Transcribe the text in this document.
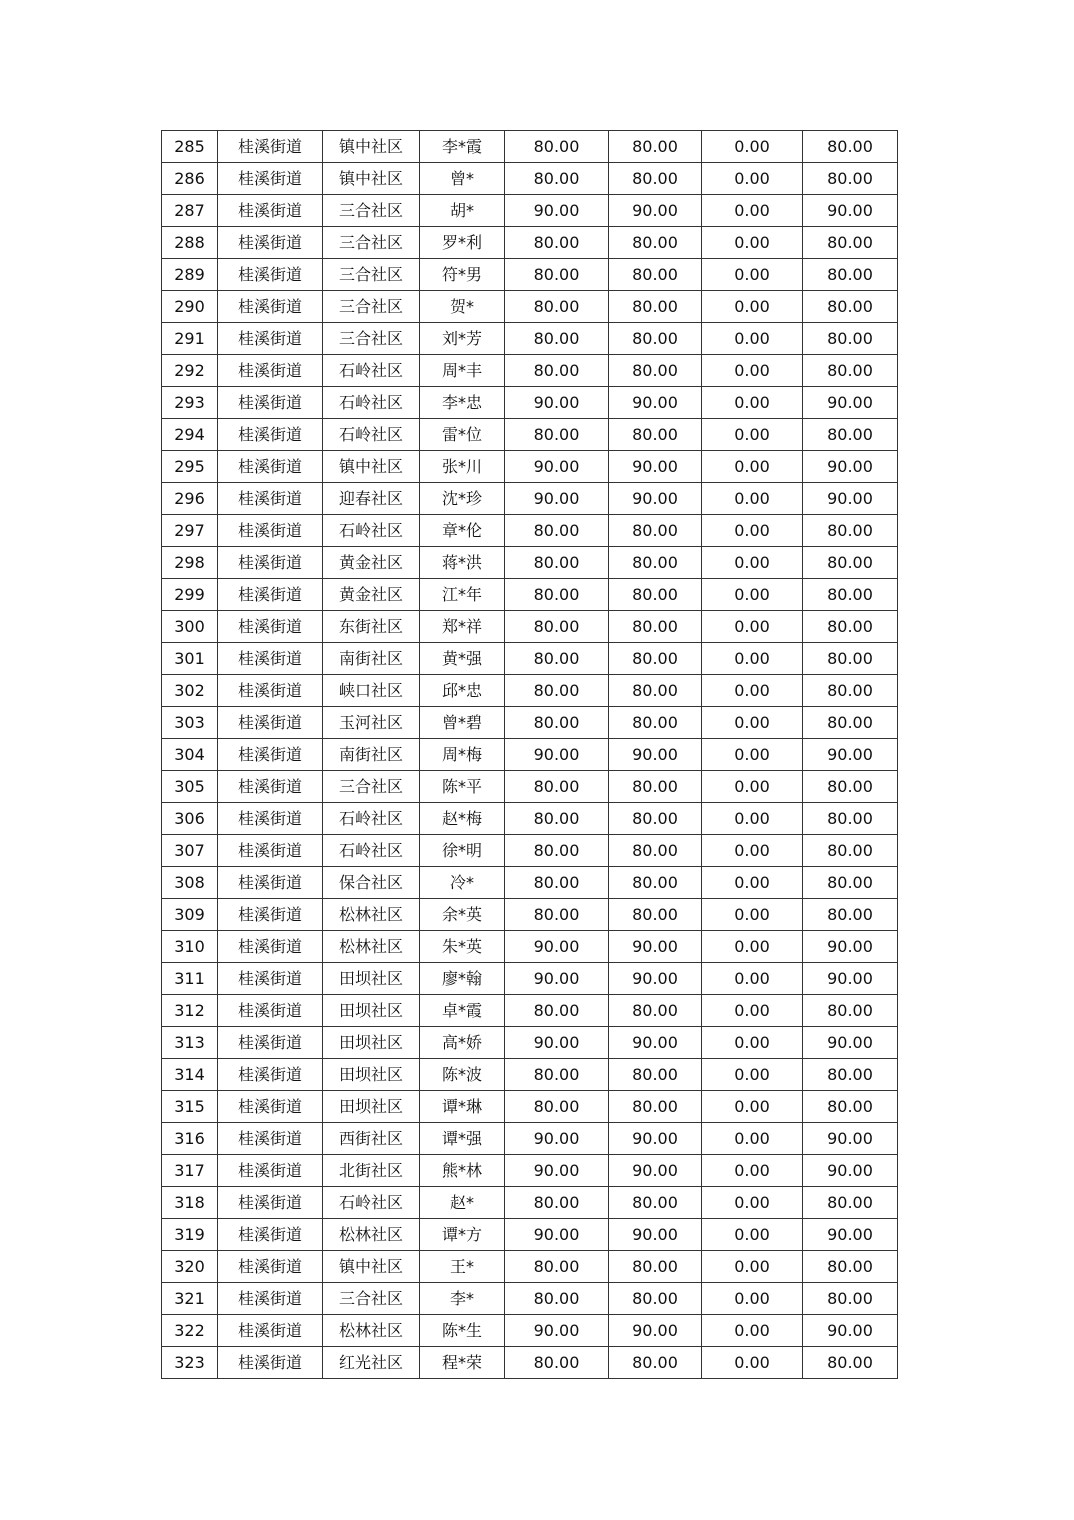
285	桂溪街道	镇中社区	李*霞	80.00	80.00	0.00	80.00
286	桂溪街道	镇中社区	曾*	80.00	80.00	0.00	80.00
287	桂溪街道	三合社区	胡*	90.00	90.00	0.00	90.00
288	桂溪街道	三合社区	罗*利	80.00	80.00	0.00	80.00
289	桂溪街道	三合社区	符*男	80.00	80.00	0.00	80.00
290	桂溪街道	三合社区	贺*	80.00	80.00	0.00	80.00
291	桂溪街道	三合社区	刘*芳	80.00	80.00	0.00	80.00
292	桂溪街道	石岭社区	周*丰	80.00	80.00	0.00	80.00
293	桂溪街道	石岭社区	李*忠	90.00	90.00	0.00	90.00
294	桂溪街道	石岭社区	雷*位	80.00	80.00	0.00	80.00
295	桂溪街道	镇中社区	张*川	90.00	90.00	0.00	90.00
296	桂溪街道	迎春社区	沈*珍	90.00	90.00	0.00	90.00
297	桂溪街道	石岭社区	章*伦	80.00	80.00	0.00	80.00
298	桂溪街道	黄金社区	蒋*洪	80.00	80.00	0.00	80.00
299	桂溪街道	黄金社区	江*年	80.00	80.00	0.00	80.00
300	桂溪街道	东街社区	郑*祥	80.00	80.00	0.00	80.00
301	桂溪街道	南街社区	黄*强	80.00	80.00	0.00	80.00
302	桂溪街道	峡口社区	邱*忠	80.00	80.00	0.00	80.00
303	桂溪街道	玉河社区	曾*碧	80.00	80.00	0.00	80.00
304	桂溪街道	南街社区	周*梅	90.00	90.00	0.00	90.00
305	桂溪街道	三合社区	陈*平	80.00	80.00	0.00	80.00
306	桂溪街道	石岭社区	赵*梅	80.00	80.00	0.00	80.00
307	桂溪街道	石岭社区	徐*明	80.00	80.00	0.00	80.00
308	桂溪街道	保合社区	冷*	80.00	80.00	0.00	80.00
309	桂溪街道	松林社区	余*英	80.00	80.00	0.00	80.00
310	桂溪街道	松林社区	朱*英	90.00	90.00	0.00	90.00
311	桂溪街道	田坝社区	廖*翰	90.00	90.00	0.00	90.00
312	桂溪街道	田坝社区	卓*霞	80.00	80.00	0.00	80.00
313	桂溪街道	田坝社区	高*娇	90.00	90.00	0.00	90.00
314	桂溪街道	田坝社区	陈*波	80.00	80.00	0.00	80.00
315	桂溪街道	田坝社区	谭*琳	80.00	80.00	0.00	80.00
316	桂溪街道	西街社区	谭*强	90.00	90.00	0.00	90.00
317	桂溪街道	北街社区	熊*林	90.00	90.00	0.00	90.00
318	桂溪街道	石岭社区	赵*	80.00	80.00	0.00	80.00
319	桂溪街道	松林社区	谭*方	90.00	90.00	0.00	90.00
320	桂溪街道	镇中社区	王*	80.00	80.00	0.00	80.00
321	桂溪街道	三合社区	李*	80.00	80.00	0.00	80.00
322	桂溪街道	松林社区	陈*生	90.00	90.00	0.00	90.00
323	桂溪街道	红光社区	程*荣	80.00	80.00	0.00	80.00
